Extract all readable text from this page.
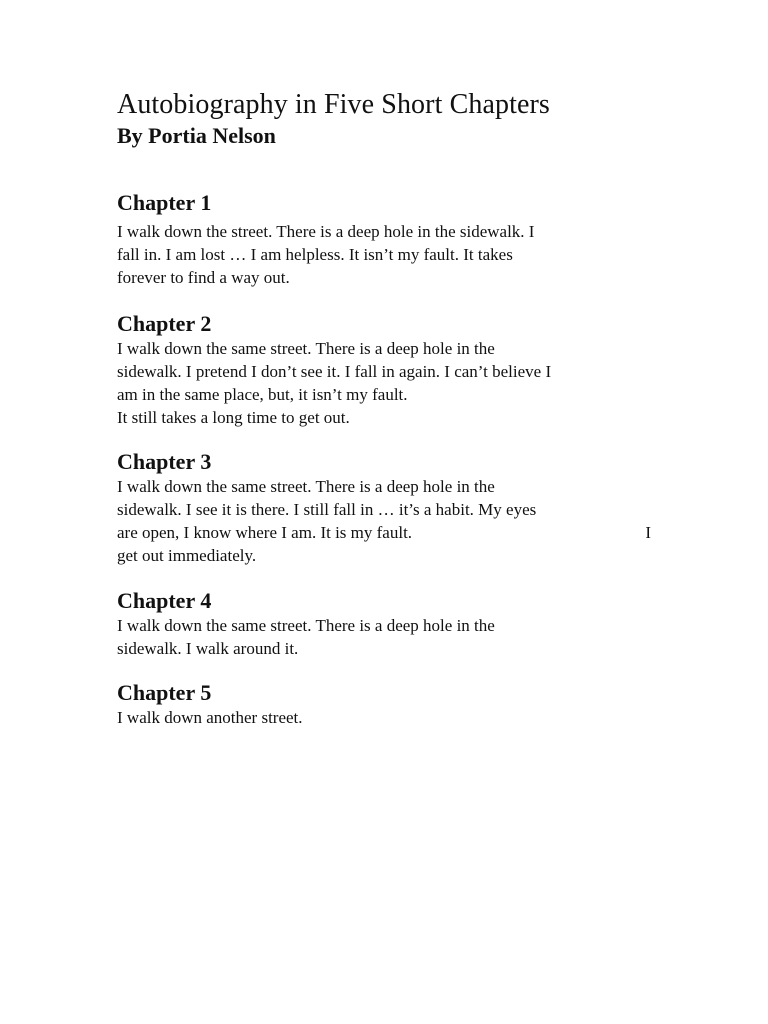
Autobiography in Five Short Chapters

By Portia Nelson

Chapter 1

I walk down the street. There is a deep hole in the sidewalk. I
fall in. I am lost … I am helpless. It isn’t my fault. It takes
forever to find a way out.

Chapter 2

I walk down the same street. There is a deep hole in the
sidewalk. I pretend I don’t see it. I fall in again. I can’t believe I
am in the same place, but, it isn’t my fault.
It still takes a long time to get out.

Chapter 3

I walk down the same street. There is a deep hole in the
sidewalk. I see it is there. I still fall in … it’s a habit. My eyes
are open, I know where I am. It is my fault.	I
get out immediately.

Chapter 4

I walk down the same street. There is a deep hole in the
sidewalk. I walk around it.

Chapter 5

I walk down another street.
